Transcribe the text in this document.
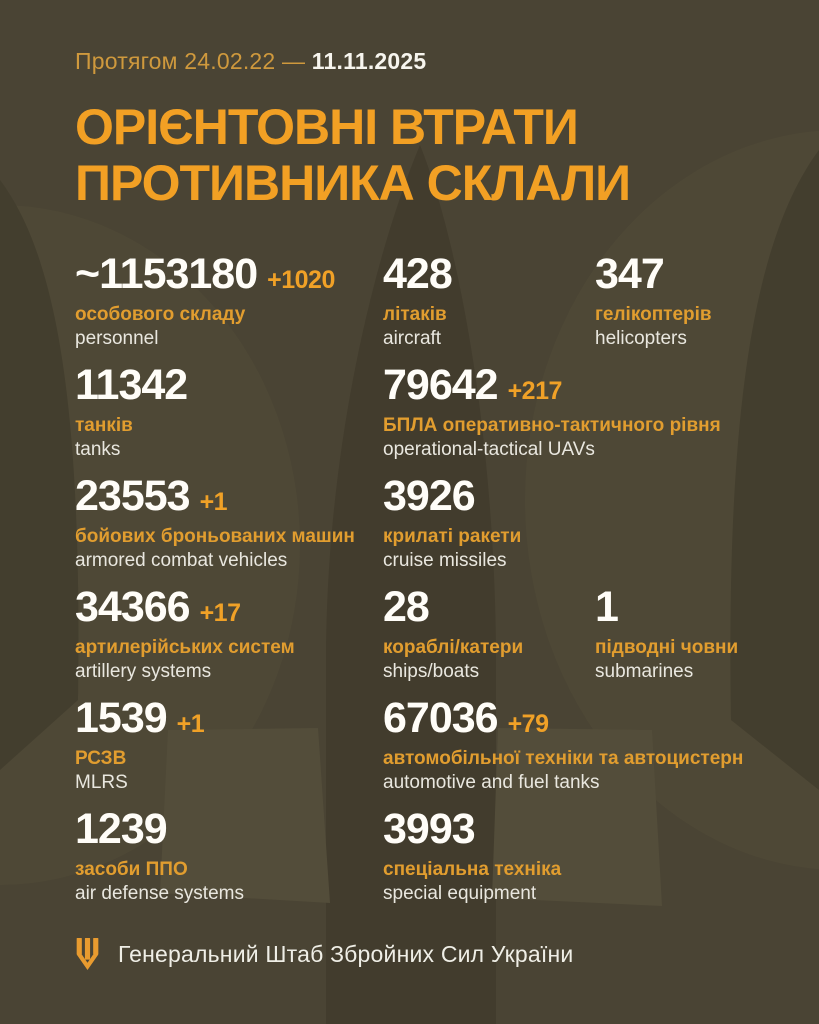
Протягом 24.02.22 — 11.11.2025
ОРІЄНТОВНІ ВТРАТИ
ПРОТИВНИКА СКЛАЛИ
~1153180 +1020
особового складу
personnel
428
літаків
aircraft
347
гелікоптерів
helicopters
11342
танків
tanks
79642 +217
БПЛА оперативно-тактичного рівня
operational-tactical UAVs
23553 +1
бойових броньованих машин
armored combat vehicles
3926
крилаті ракети
cruise missiles
34366 +17
артилерійських систем
artillery systems
28
кораблі/катери
ships/boats
1
підводні човни
submarines
1539 +1
РСЗВ
MLRS
67036 +79
автомобільної техніки та автоцистерн
automotive and fuel tanks
1239
засоби ППО
air defense systems
3993
спеціальна техніка
special equipment
Генеральний Штаб Збройних Сил України
